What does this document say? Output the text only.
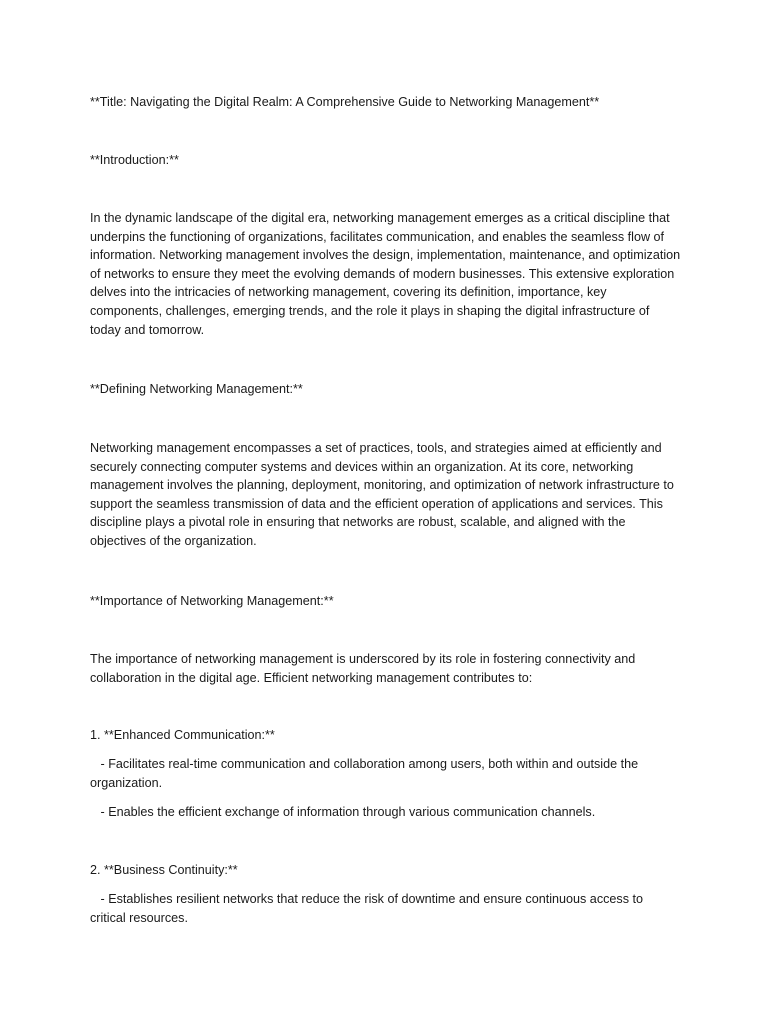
**Title: Navigating the Digital Realm: A Comprehensive Guide to Networking Management**

**Introduction:**

In the dynamic landscape of the digital era, networking management emerges as a critical discipline that underpins the functioning of organizations, facilitates communication, and enables the seamless flow of information. Networking management involves the design, implementation, maintenance, and optimization of networks to ensure they meet the evolving demands of modern businesses. This extensive exploration delves into the intricacies of networking management, covering its definition, importance, key components, challenges, emerging trends, and the role it plays in shaping the digital infrastructure of today and tomorrow.

**Defining Networking Management:**

Networking management encompasses a set of practices, tools, and strategies aimed at efficiently and securely connecting computer systems and devices within an organization. At its core, networking management involves the planning, deployment, monitoring, and optimization of network infrastructure to support the seamless transmission of data and the efficient operation of applications and services. This discipline plays a pivotal role in ensuring that networks are robust, scalable, and aligned with the objectives of the organization.

**Importance of Networking Management:**

The importance of networking management is underscored by its role in fostering connectivity and collaboration in the digital age. Efficient networking management contributes to:

1. **Enhanced Communication:**

- Facilitates real-time communication and collaboration among users, both within and outside the organization.

- Enables the efficient exchange of information through various communication channels.

2. **Business Continuity:**

- Establishes resilient networks that reduce the risk of downtime and ensure continuous access to critical resources.
